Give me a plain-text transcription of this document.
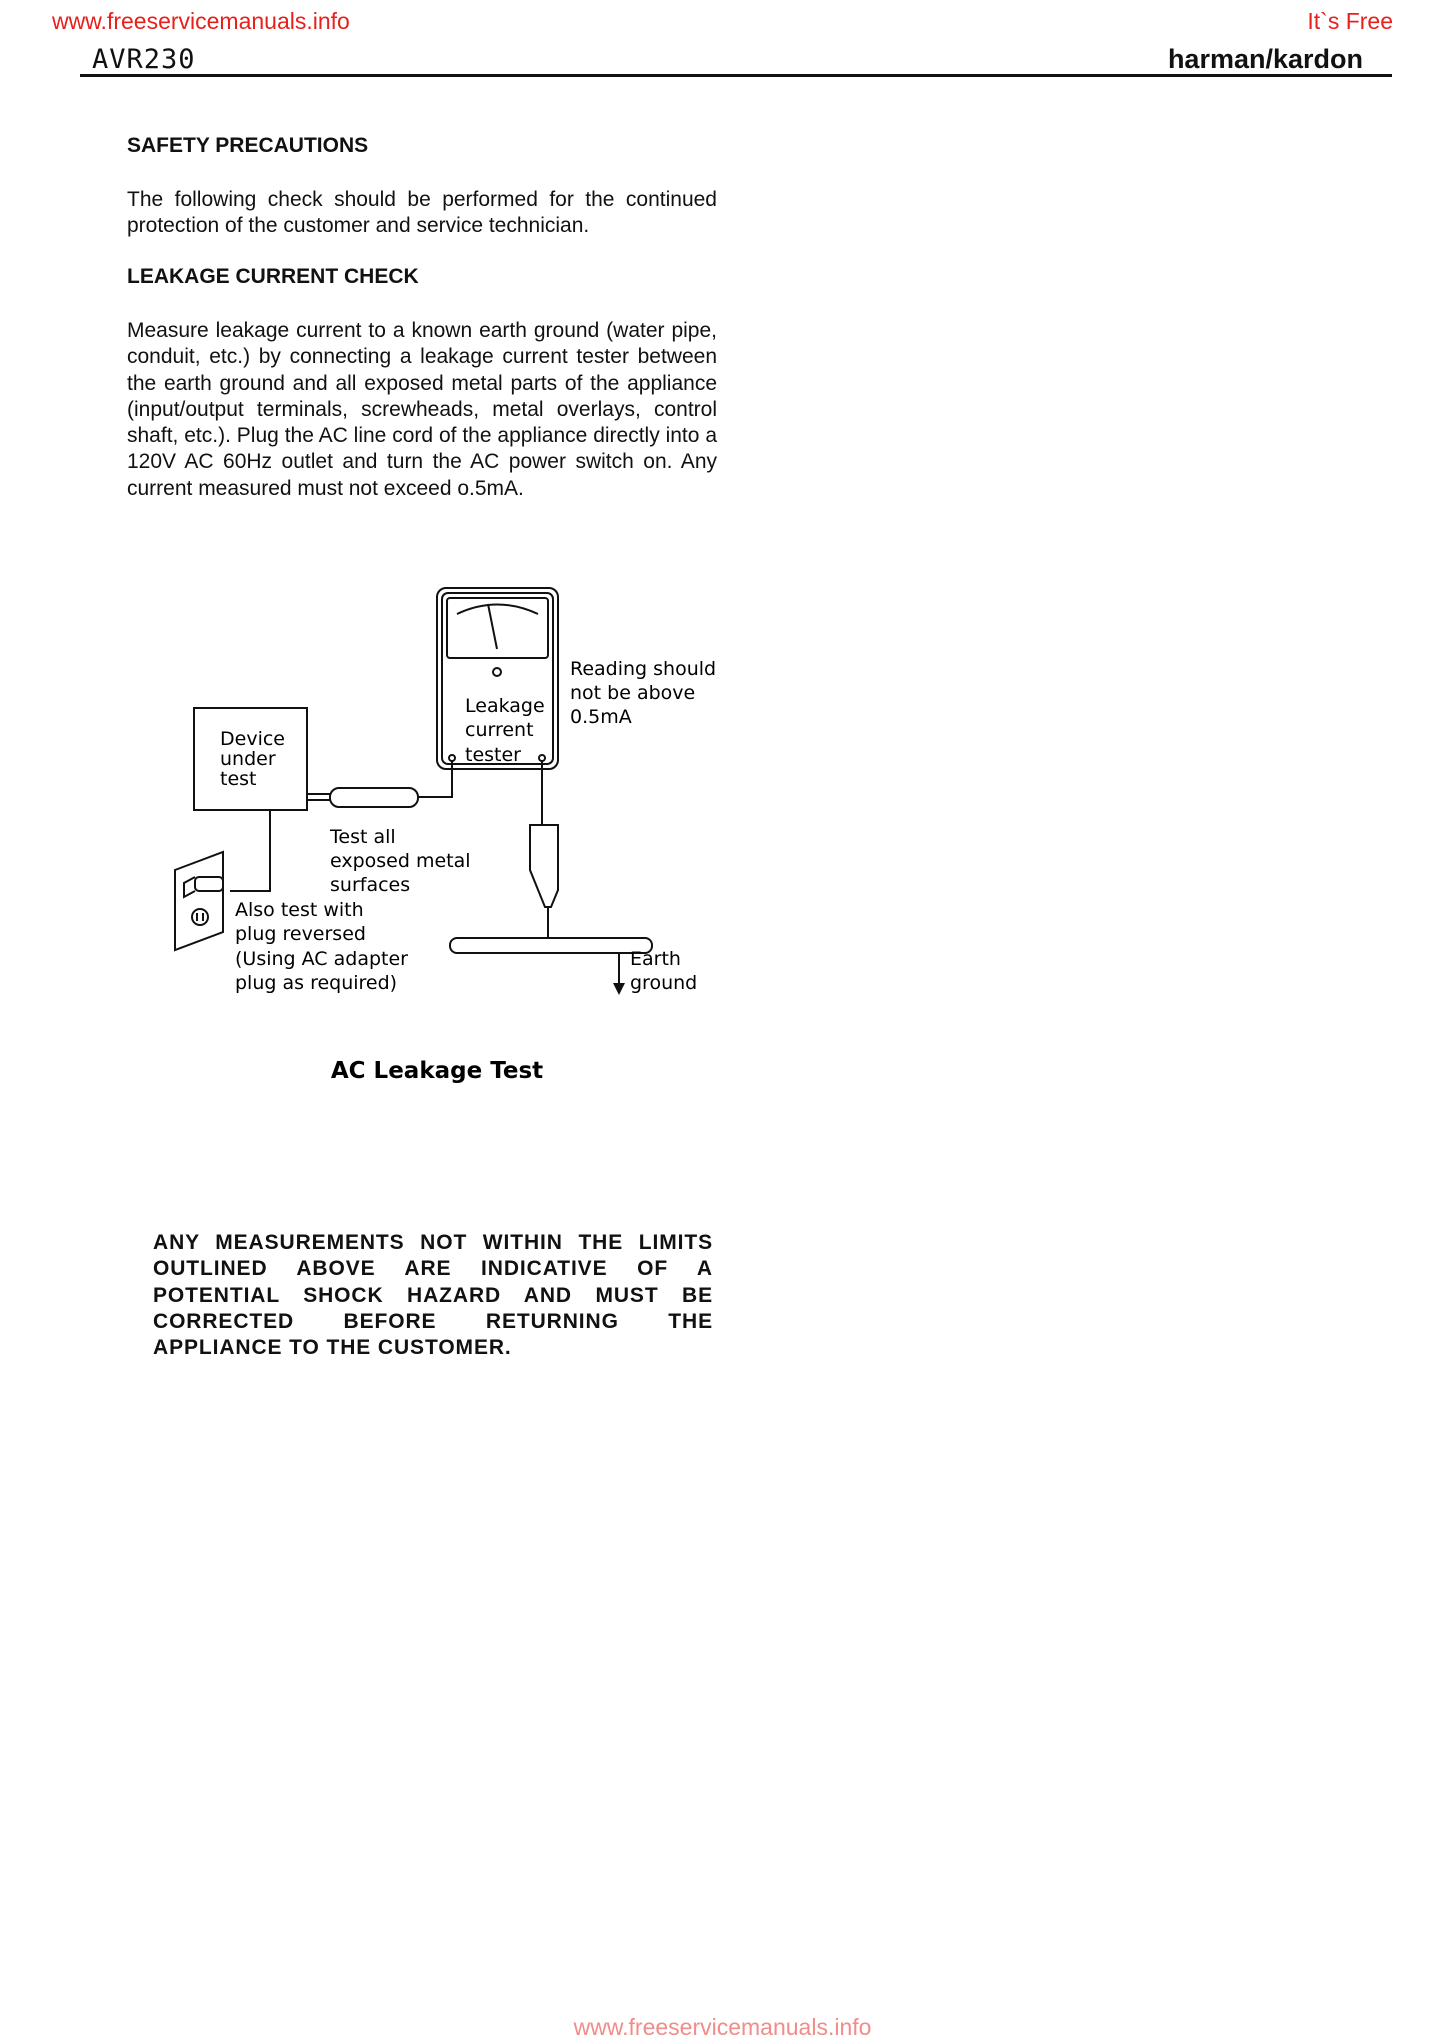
www.freeservicemanuals.info	It`s Free
AVR230	harman/kardon
SAFETY PRECAUTIONS
The following check should be performed for the continued protection of the customer and service technician.
LEAKAGE CURRENT CHECK
Measure leakage current to a known earth ground (water pipe, conduit, etc.) by connecting a leakage current tester between the earth ground and all exposed metal parts of the appliance (input/output terminals, screwheads, metal overlays, control shaft, etc.). Plug the AC line cord of the appliance directly into a 120V AC 60Hz outlet and turn the AC power switch on. Any current measured must not exceed o.5mA.
Device under test
Leakage current tester
Reading should not be above 0.5mA
Test all exposed metal surfaces
Also test with plug reversed (Using AC adapter plug as required)
Earth ground
AC Leakage Test
ANY MEASUREMENTS NOT WITHIN THE LIMITS OUTLINED ABOVE ARE INDICATIVE OF A POTENTIAL SHOCK HAZARD AND MUST BE CORRECTED BEFORE RETURNING THE APPLIANCE TO THE CUSTOMER.
www.freeservicemanuals.info
